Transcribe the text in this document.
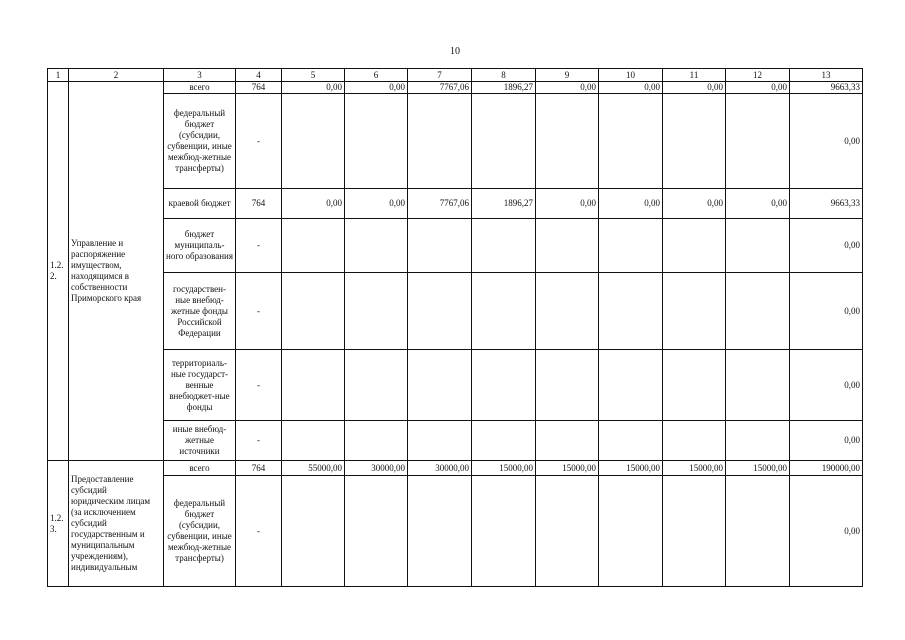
10
1	2	3	4	5	6	7	8	9	10	11	12	13
1.2. 2.	Управление и распоряжение имуществом, находящимся в собственности Приморского края	всего	764	0,00	0,00	7767,06	1896,27	0,00	0,00	0,00	0,00	9663,33
		федеральный бюджет (субсидии, субвенции, иные межбюд-жетные трансферты)	-									0,00
		краевой бюджет	764	0,00	0,00	7767,06	1896,27	0,00	0,00	0,00	0,00	9663,33
		бюджет муниципаль-ного образования	-									0,00
		государствен-ные внебюд-жетные фонды Российской Федерации	-									0,00
		территориаль-ные государст-венные внебюджет-ные фонды	-									0,00
		иные внебюд-жетные источники	-									0,00
1.2. 3.	Предоставление субсидий юридическим лицам (за исключением субсидий государственным и муниципальным учреждениям), индивидуальным	всего	764	55000,00	30000,00	30000,00	15000,00	15000,00	15000,00	15000,00	15000,00	190000,00
		федеральный бюджет (субсидии, субвенции, иные межбюд-жетные трансферты)	-									0,00
